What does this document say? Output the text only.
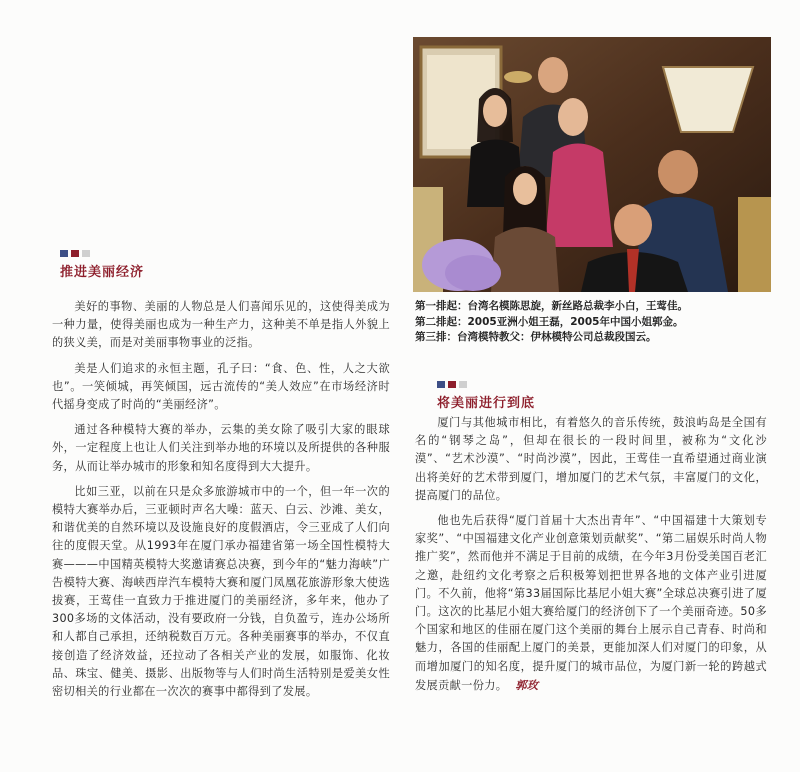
推进美丽经济

美好的事物、美丽的人物总是人们喜闻乐见的，这使得美成为一种力量，使得美丽也成为一种生产力，这种美不单是指人外貌上的狭义美，而是对美丽事物事业的泛指。

美是人们追求的永恒主题，孔子曰：“食、色、性，人之大欲也”。一笑倾城，再笑倾国，远古流传的“美人效应”在市场经济时代摇身变成了时尚的“美丽经济”。

通过各种模特大赛的举办，云集的美女除了吸引大家的眼球外，一定程度上也让人们关注到举办地的环境以及所提供的各种服务，从而让举办城市的形象和知名度得到大大提升。

比如三亚，以前在只是众多旅游城市中的一个，但一年一次的模特大赛举办后，三亚顿时声名大噪：蓝天、白云、沙滩、美女，和谐优美的自然环境以及设施良好的度假酒店，令三亚成了人们向往的度假天堂。从1993年在厦门承办福建省第一场全国性模特大赛———中国精英模特大奖邀请赛总决赛，到今年的“魅力海峡”广告模特大赛、海峡西岸汽车模特大赛和厦门凤凰花旅游形象大使选拔赛，王莺佳一直致力于推进厦门的美丽经济，多年来，他办了300多场的文体活动，没有要政府一分钱，自负盈亏，连办公场所和人都自己承担，还纳税数百万元。各种美丽赛事的举办，不仅直接创造了经济效益，还拉动了各相关产业的发展，如服饰、化妆品、珠宝、健美、摄影、出版物等与人们时尚生活特别是爱美女性密切相关的行业都在一次次的赛事中都得到了发展。

第一排起：台湾名模陈思旋，新丝路总裁李小白，王莺佳。
第二排起：2005亚洲小姐王磊，2005年中国小姐郭金。
第三排：台湾模特教父：伊林模特公司总裁段国云。
将美丽进行到底

厦门与其他城市相比，有着悠久的音乐传统，鼓浪屿岛是全国有名的“钢琴之岛”，但却在很长的一段时间里，被称为“文化沙漠”、“艺术沙漠”、“时尚沙漠”，因此，王莺佳一直希望通过商业演出将美好的艺术带到厦门，增加厦门的艺术气氛，丰富厦门的文化，提高厦门的品位。

他也先后获得“厦门首届十大杰出青年”、“中国福建十大策划专家奖”、“中国福建文化产业创意策划贡献奖”、“第二届娱乐时尚人物推广奖”，然而他并不满足于目前的成绩，在今年3月份受美国百老汇之邀，赴纽约文化考察之后积极筹划把世界各地的文体产业引进厦门。不久前，他将“第33届国际比基尼小姐大赛”全球总决赛引进了厦门。这次的比基尼小姐大赛给厦门的经济创下了一个美丽奇迹。50多个国家和地区的佳丽在厦门这个美丽的舞台上展示自己青春、时尚和魅力，各国的佳丽配上厦门的美景，更能加深人们对厦门的印象，从而增加厦门的知名度，提升厦门的城市品位，为厦门新一轮的跨越式发展贡献一份力。 郭玫
